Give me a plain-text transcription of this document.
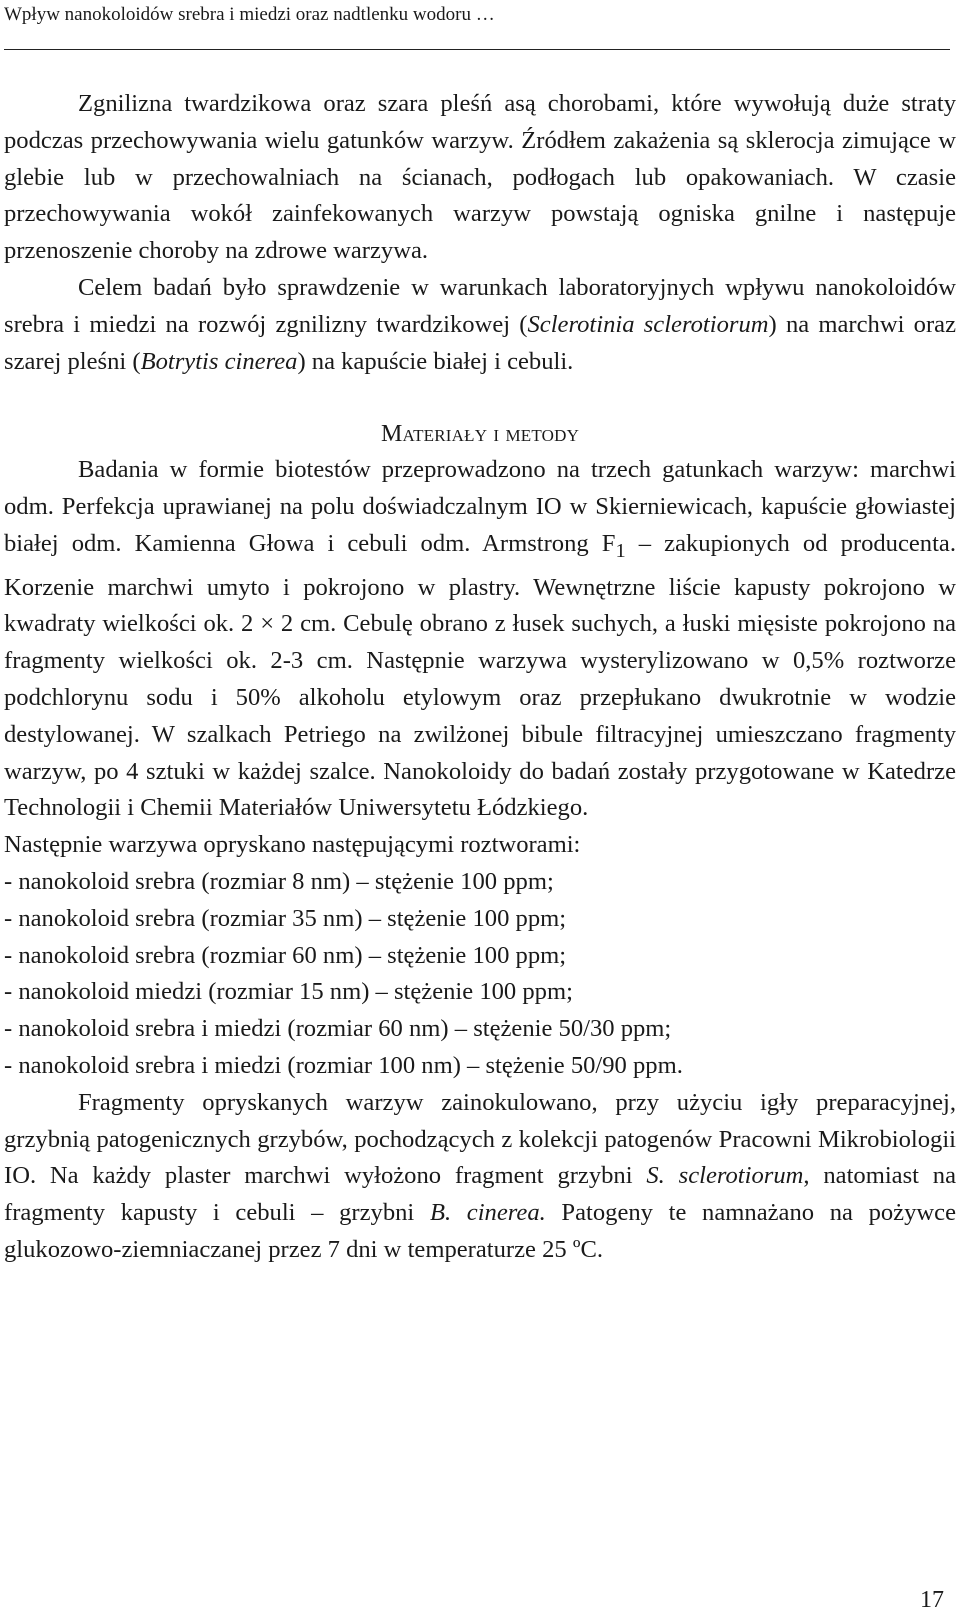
Wpływ nanokoloidów srebra i miedzi oraz nadtlenku wodoru …

Zgnilizna twardzikowa oraz szara pleśń asą chorobami, które wywołują duże straty podczas przechowywania wielu gatunków warzyw. Źródłem zakażenia są sklerocja zimujące w glebie lub w przechowalniach na ścianach, podłogach lub opakowaniach. W czasie przechowywania wokół zainfekowanych warzyw powstają ogniska gnilne i następuje przenoszenie choroby na zdrowe warzywa.

Celem badań było sprawdzenie w warunkach laboratoryjnych wpływu nanokoloidów srebra i miedzi na rozwój zgnilizny twardzikowej (Sclerotinia sclerotiorum) na marchwi oraz szarej pleśni (Botrytis cinerea) na kapuście białej i cebuli.

Materiały i metody

Badania w formie biotestów przeprowadzono na trzech gatunkach warzyw: marchwi odm. Perfekcja uprawianej na polu doświadczalnym IO w Skierniewicach, kapuście głowiastej białej odm. Kamienna Głowa i cebuli odm. Armstrong $F_1$ – zakupionych od producenta. Korzenie marchwi umyto i pokrojono w plastry. Wewnętrzne liście kapusty pokrojono w kwadraty wielkości ok. 2 × 2 cm. Cebulę obrano z łusek suchych, a łuski mięsiste pokrojono na fragmenty wielkości ok. 2-3 cm. Następnie warzywa wysterylizowano w 0,5% roztworze podchlorynu sodu i 50% alkoholu etylowym oraz przepłukano dwukrotnie w wodzie destylowanej. W szalkach Petriego na zwilżonej bibule filtracyjnej umieszczano fragmenty warzyw, po 4 sztuki w każdej szalce. Nanokoloidy do badań zostały przygotowane w Katedrze Technologii i Chemii Materiałów Uniwersytetu Łódzkiego.

Następnie warzywa opryskano następującymi roztworami:

- nanokoloid srebra (rozmiar 8 nm) – stężenie 100 ppm;
- nanokoloid srebra (rozmiar 35 nm) – stężenie 100 ppm;
- nanokoloid srebra (rozmiar 60 nm) – stężenie 100 ppm;
- nanokoloid miedzi (rozmiar 15 nm) – stężenie 100 ppm;
- nanokoloid srebra i miedzi (rozmiar 60 nm) – stężenie 50/30 ppm;
- nanokoloid srebra i miedzi (rozmiar 100 nm) – stężenie 50/90 ppm.

Fragmenty opryskanych warzyw zainokulowano, przy użyciu igły preparacyjnej, grzybnią patogenicznych grzybów, pochodzących z kolekcji patogenów Pracowni Mikrobiologii IO. Na każdy plaster marchwi wyłożono fragment grzybni S. sclerotiorum, natomiast na fragmenty kapusty i cebuli – grzybni B. cinerea. Patogeny te namnażano na pożywce glukozowo-ziemniaczanej przez 7 dni w temperaturze 25 ºC.

17
